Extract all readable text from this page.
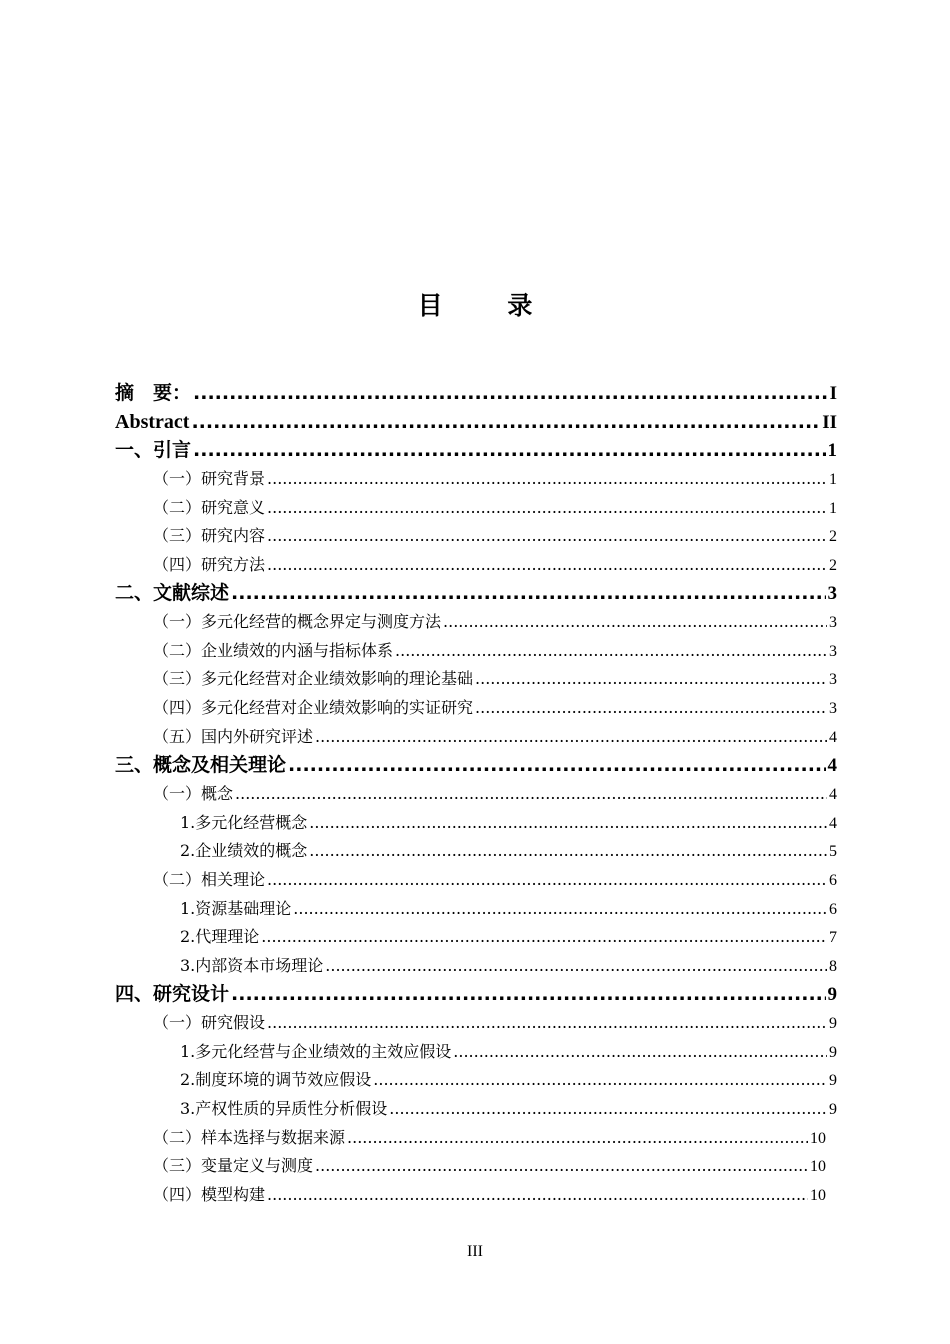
目 录
摘　要： .....	I
Abstract .....	II
一、引言 .....	1
（一）研究背景 .....	1
（二）研究意义 .....	1
（三）研究内容 .....	2
（四）研究方法 .....	2
二、文献综述 .....	3
（一）多元化经营的概念界定与测度方法 .....	3
（二）企业绩效的内涵与指标体系 .....	3
（三）多元化经营对企业绩效影响的理论基础 .....	3
（四）多元化经营对企业绩效影响的实证研究 .....	3
（五）国内外研究评述 .....	4
三、概念及相关理论 .....	4
（一）概念 .....	4
1.多元化经营概念 .....	4
2.企业绩效的概念 .....	5
（二）相关理论 .....	6
1.资源基础理论 .....	6
2.代理理论 .....	7
3.内部资本市场理论 .....	8
四、研究设计 .....	9
（一）研究假设 .....	9
1.多元化经营与企业绩效的主效应假设 .....	9
2.制度环境的调节效应假设 .....	9
3.产权性质的异质性分析假设 .....	9
（二）样本选择与数据来源 .....	10
（三）变量定义与测度 .....	10
（四）模型构建 .....	10
III
